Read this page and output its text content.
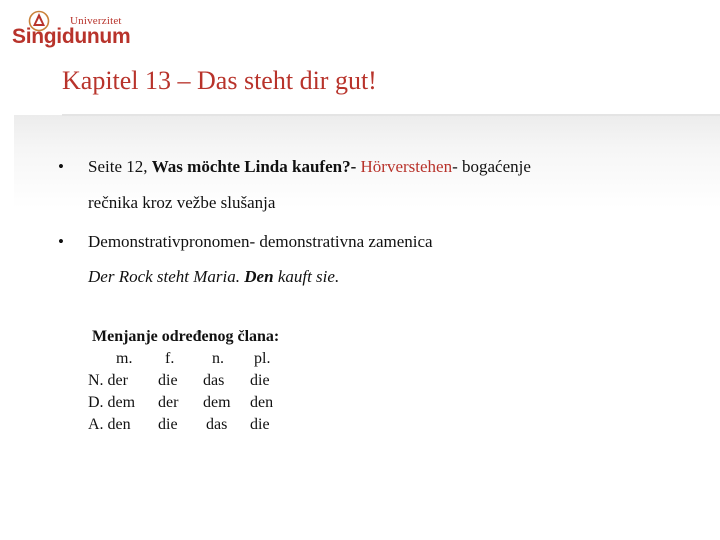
Univerzitet
Singidunum
Kapitel 13 – Das steht dir gut!
• Seite 12, Was möchte Linda kaufen?- Hörverstehen- bogaćenje
rečnika kroz vežbe slušanja
• Demonstrativpronomen- demonstrativna zamenica
Der Rock steht Maria. Den kauft sie.
Menjanje određenog člana:
m. f. n. pl.
N. der die das die
D. dem der dem den
A. den die das die
